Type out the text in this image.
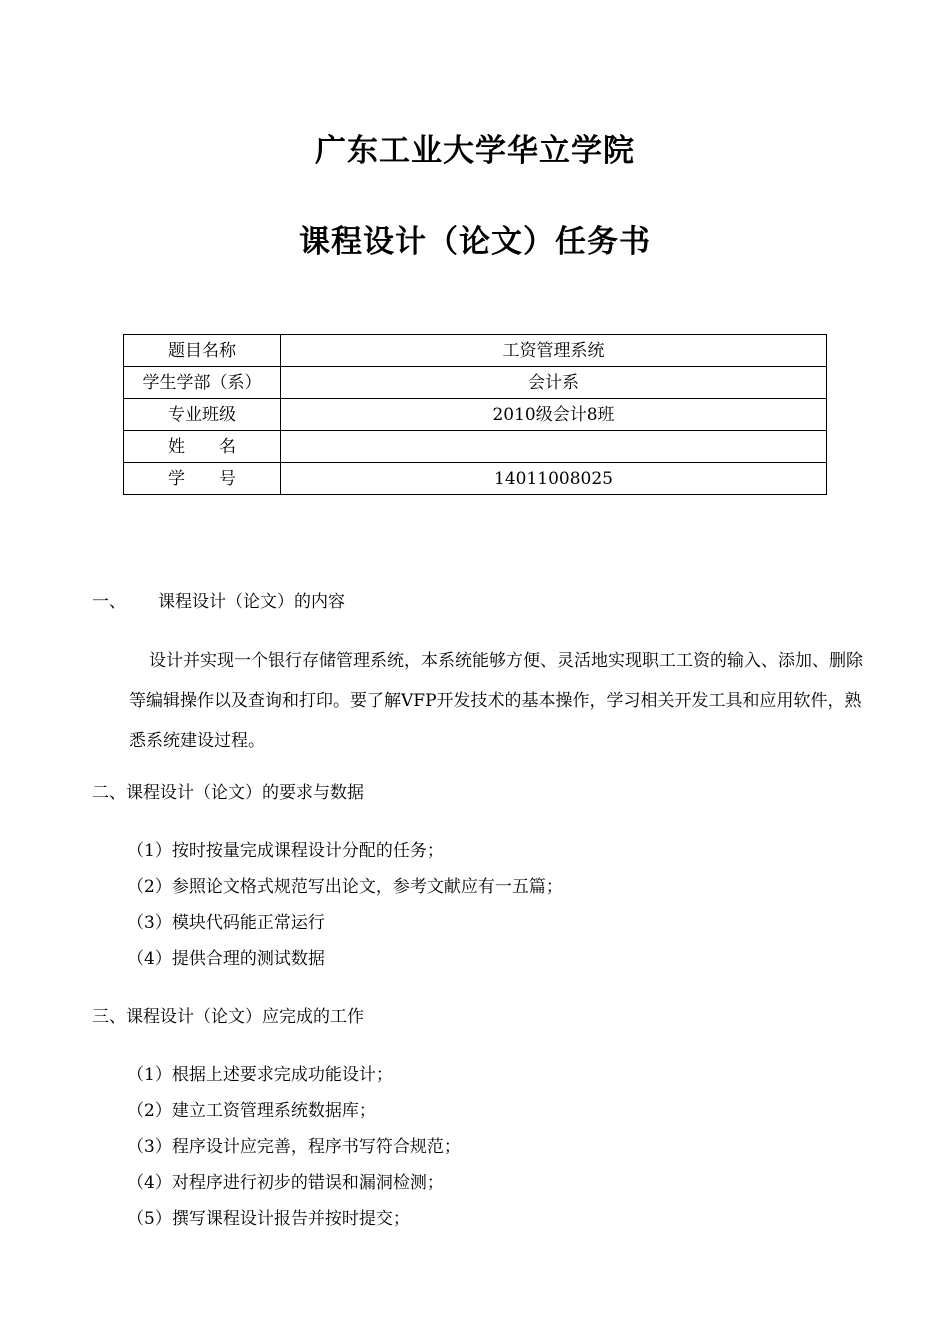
广东工业大学华立学院
课程设计（论文）任务书
题目名称	工资管理系统
学生学部（系）	会计系
专业班级	2010级会计8班
姓　　名	
学　　号	14011008025
一、 课程设计（论文）的内容
设计并实现一个银行存储管理系统，本系统能够方便、灵活地实现职工工资的输入、添加、删除等编辑操作以及查询和打印。要了解VFP开发技术的基本操作，学习相关开发工具和应用软件，熟悉系统建设过程。
二、课程设计（论文）的要求与数据
（1）按时按量完成课程设计分配的任务；
（2）参照论文格式规范写出论文，参考文献应有一五篇；
（3）模块代码能正常运行
（4）提供合理的测试数据
三、课程设计（论文）应完成的工作
（1）根据上述要求完成功能设计；
（2）建立工资管理系统数据库；
（3）程序设计应完善，程序书写符合规范；
（4）对程序进行初步的错误和漏洞检测；
（5）撰写课程设计报告并按时提交；
